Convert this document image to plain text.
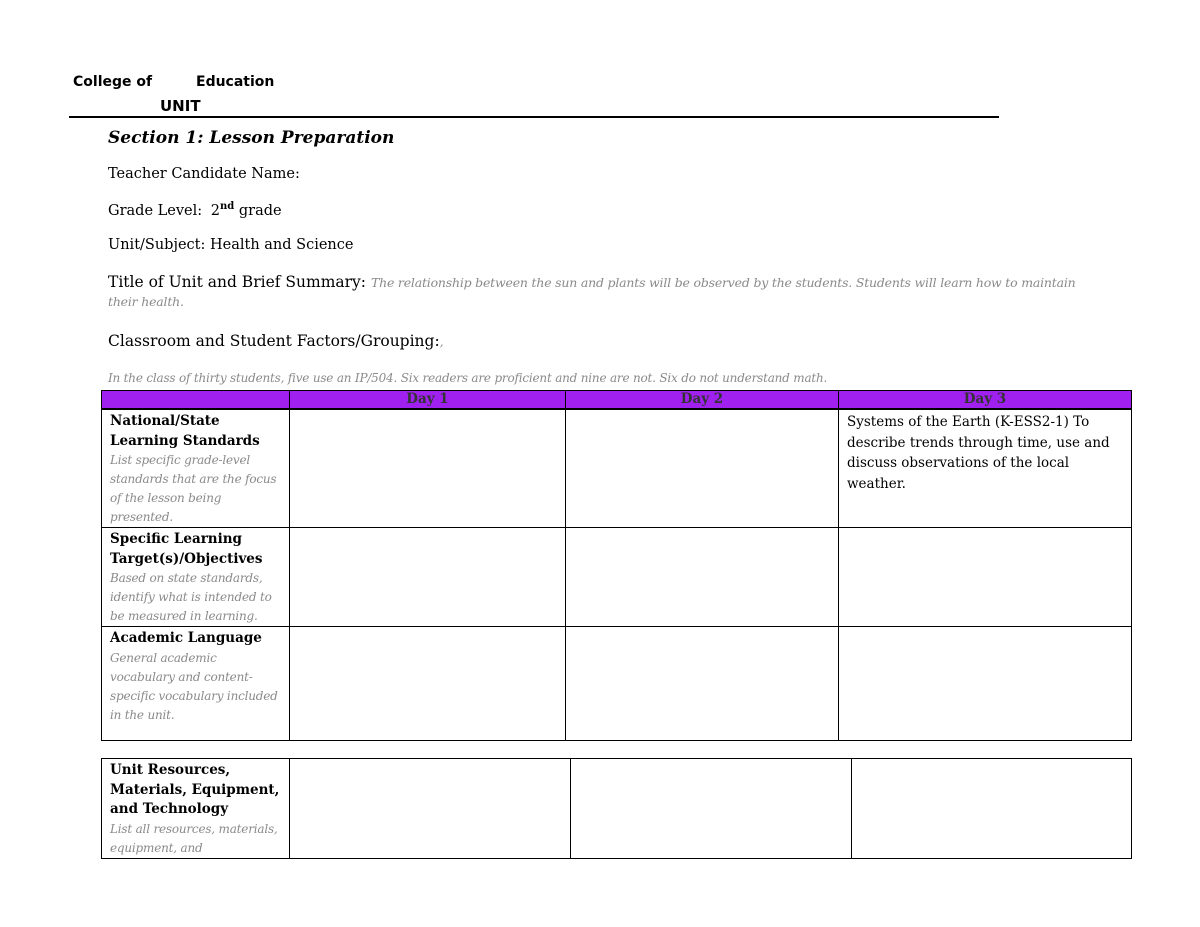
College of	Education
UNIT
Section 1: Lesson Preparation
Teacher Candidate Name:
Grade Level: 2nd grade
Unit/Subject: Health and Science
Title of Unit and Brief Summary: The relationship between the sun and plants will be observed by the students. Students will learn how to maintain their health.
Classroom and Student Factors/Grouping:,
In the class of thirty students, five use an IP/504. Six readers are proficient and nine are not. Six do not understand math.
	Day 1	Day 2	Day 3

National/State Learning Standards
List specific grade-level standards that are the focus of the lesson being presented.			Systems of the Earth (K-ESS2-1) To describe trends through time, use and discuss observations of the local weather.

Specific Learning Target(s)/Objectives
Based on state standards, identify what is intended to be measured in learning.			

Academic Language
General academic vocabulary and content-specific vocabulary included in the unit.			

Unit Resources, Materials, Equipment, and Technology
List all resources, materials, equipment, and
